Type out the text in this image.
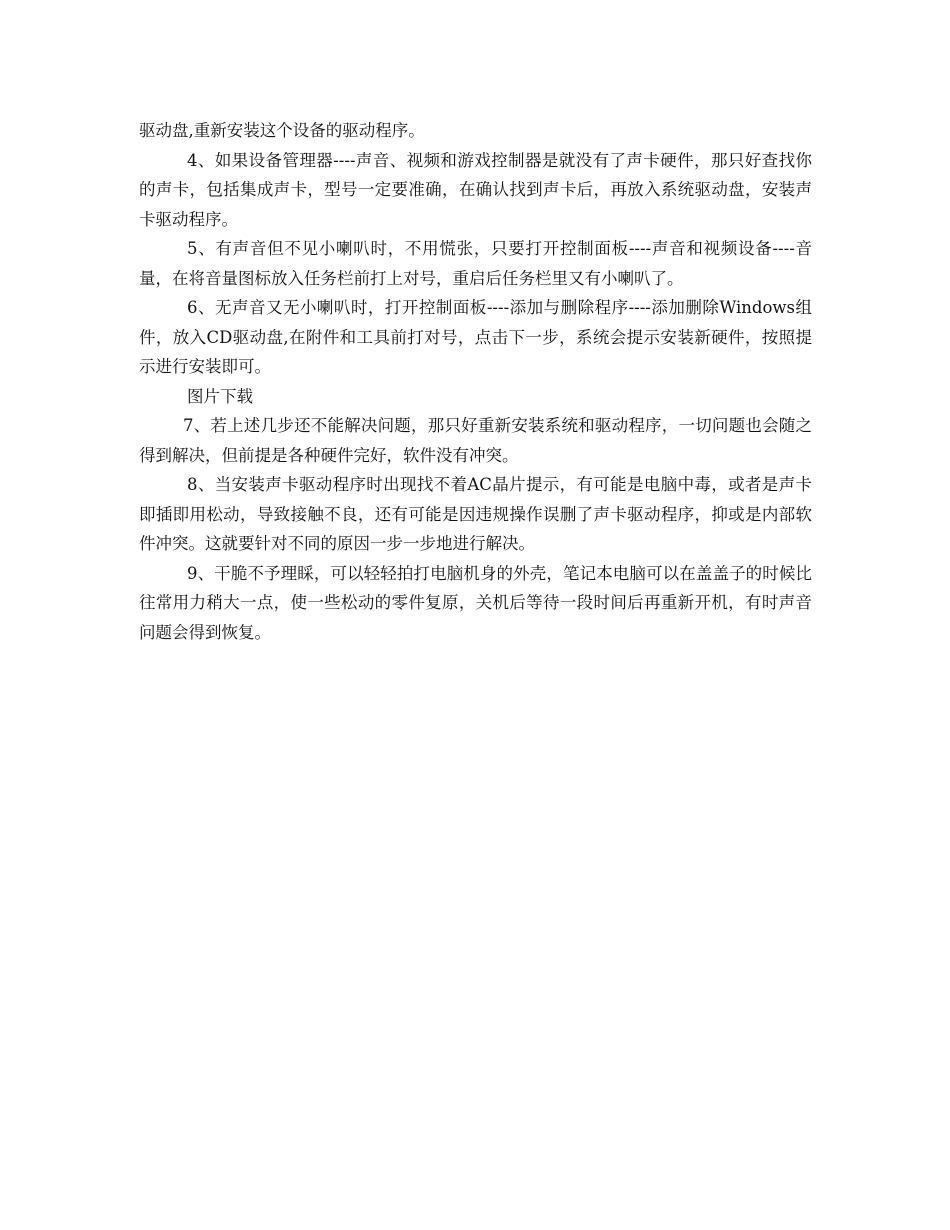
驱动盘,重新安装这个设备的驱动程序。

4、如果设备管理器----声音、视频和游戏控制器是就没有了声卡硬件，那只好查找你的声卡，包括集成声卡，型号一定要准确，在确认找到声卡后，再放入系统驱动盘，安装声卡驱动程序。

5、有声音但不见小喇叭时，不用慌张，只要打开控制面板----声音和视频设备----音量，在将音量图标放入任务栏前打上对号，重启后任务栏里又有小喇叭了。

6、无声音又无小喇叭时，打开控制面板----添加与删除程序----添加删除Windows组件，放入CD驱动盘,在附件和工具前打对号，点击下一步，系统会提示安装新硬件，按照提示进行安装即可。

图片下载

7、若上述几步还不能解决问题，那只好重新安装系统和驱动程序，一切问题也会随之得到解决，但前提是各种硬件完好，软件没有冲突。

8、当安装声卡驱动程序时出现找不着AC晶片提示，有可能是电脑中毒，或者是声卡即插即用松动，导致接触不良，还有可能是因违规操作误删了声卡驱动程序，抑或是内部软件冲突。这就要针对不同的原因一步一步地进行解决。

9、干脆不予理睬，可以轻轻拍打电脑机身的外壳，笔记本电脑可以在盖盖子的时候比往常用力稍大一点，使一些松动的零件复原，关机后等待一段时间后再重新开机，有时声音问题会得到恢复。
